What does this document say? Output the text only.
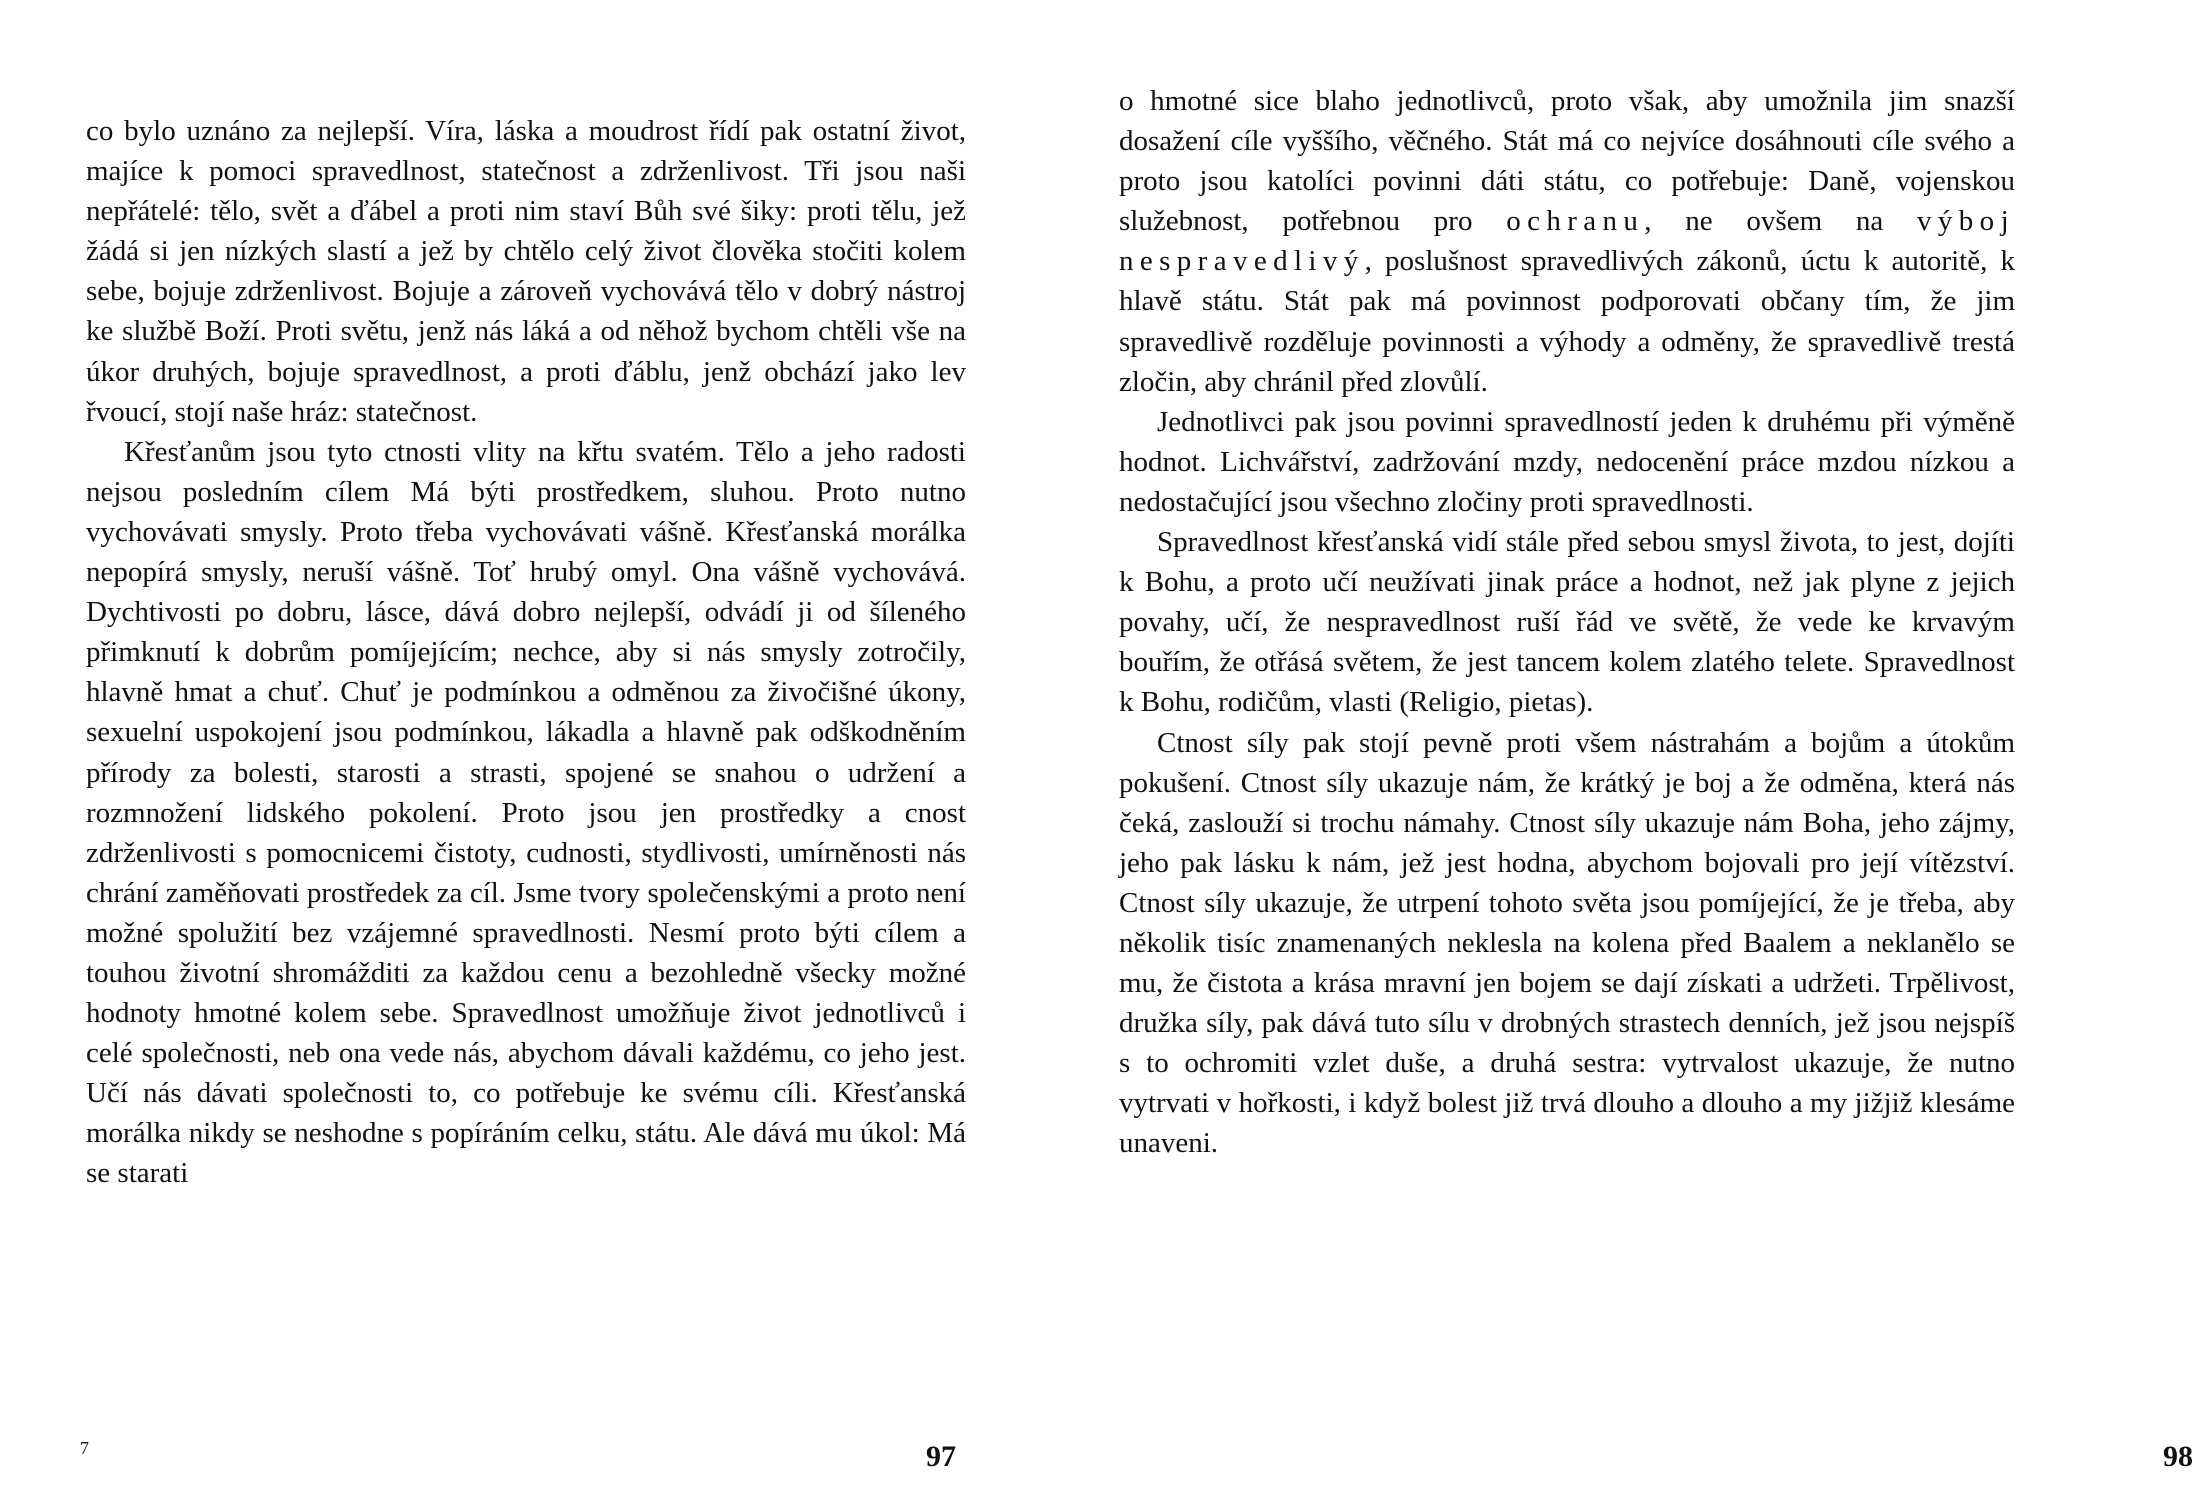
co bylo uznáno za nejlepší. Víra, láska a moudrost řídí pak ostatní život, majíce k pomoci spravedlnost, statečnost a zdrženlivost. Tři jsou naši nepřátelé: tělo, svět a ďábel a proti nim staví Bůh své šiky: proti tělu, jež žádá si jen nízkých slastí a jež by chtělo celý život člověka stočiti kolem sebe, bojuje zdrženlivost. Bojuje a zároveň vychovává tělo v dobrý nástroj ke službě Boží. Proti světu, jenž nás láká a od něhož bychom chtěli vše na úkor druhých, bojuje spravedlnost, a proti ďáblu, jenž obchází jako lev řvoucí, stojí naše hráz: statečnost.

Křesťanům jsou tyto ctnosti vlity na křtu svatém. Tělo a jeho radosti nejsou posledním cílem Má býti prostředkem, sluhou. Proto nutno vychovávati smysly. Proto třeba vychovávati vášně. Křesťanská morálka nepopírá smysly, neruší vášně. Toť hrubý omyl. Ona vášně vychovává. Dychtivosti po dobru, lásce, dává dobro nejlepší, odvádí ji od šíleného přimknutí k dobrům pomíjejícím; nechce, aby si nás smysly zotročily, hlavně hmat a chuť. Chuť je podmínkou a odměnou za živočišné úkony, sexuelní uspokojení jsou podmínkou, lákadla a hlavně pak odškodněním přírody za bolesti, starosti a strasti, spojené se snahou o udržení a rozmnožení lidského pokolení. Proto jsou jen prostředky a cnost zdrženlivosti s pomocnicemi čistoty, cudnosti, stydlivosti, umírněnosti nás chrání zaměňovati prostředek za cíl. Jsme tvory společenskými a proto není možné spolužití bez vzájemné spravedlnosti. Nesmí proto býti cílem a touhou životní shromážditi za každou cenu a bezohledně všecky možné hodnoty hmotné kolem sebe. Spravedlnost umožňuje život jednotlivců i celé společnosti, neb ona vede nás, abychom dávali každému, co jeho jest. Učí nás dávati společnosti to, co potřebuje ke svému cíli. Křesťanská morálka nikdy se neshodne s popíráním celku, státu. Ale dává mu úkol: Má se starati

7	97

o hmotné sice blaho jednotlivců, proto však, aby umožnila jim snazší dosažení cíle vyššího, věčného. Stát má co nejvíce dosáhnouti cíle svého a proto jsou katolíci povinni dáti státu, co potřebuje: Daně, vojenskou služebnost, potřebnou pro ochranu, ne ovšem na výboj nespravedlivý, poslušnost spravedlivých zákonů, úctu k autoritě, k hlavě státu. Stát pak má povinnost podporovati občany tím, že jim spravedlivě rozděluje povinnosti a výhody a odměny, že spravedlivě trestá zločin, aby chránil před zlovůlí.

Jednotlivci pak jsou povinni spravedlností jeden k druhému při výměně hodnot. Lichvářství, zadržování mzdy, nedocenění práce mzdou nízkou a nedostačující jsou všechno zločiny proti spravedlnosti.

Spravedlnost křesťanská vidí stále před sebou smysl života, to jest, dojíti k Bohu, a proto učí neužívati jinak práce a hodnot, než jak plyne z jejich povahy, učí, že nespravedlnost ruší řád ve světě, že vede ke krvavým bouřím, že otřásá světem, že jest tancem kolem zlatého telete. Spravedlnost k Bohu, rodičům, vlasti (Religio, pietas).

Ctnost síly pak stojí pevně proti všem nástrahám a bojům a útokům pokušení. Ctnost síly ukazuje nám, že krátký je boj a že odměna, která nás čeká, zaslouží si trochu námahy. Ctnost síly ukazuje nám Boha, jeho zájmy, jeho pak lásku k nám, jež jest hodna, abychom bojovali pro její vítězství. Ctnost síly ukazuje, že utrpení tohoto světa jsou pomíjející, že je třeba, aby několik tisíc znamenaných neklesla na kolena před Baalem a neklanělo se mu, že čistota a krása mravní jen bojem se dají získati a udržeti. Trpělivost, družka síly, pak dává tuto sílu v drobných strastech denních, jež jsou nejspíš s to ochromiti vzlet duše, a druhá sestra: vytrvalost ukazuje, že nutno vytrvati v hořkosti, i když bolest již trvá dlouho a dlouho a my jižjiž klesáme unaveni.

98
